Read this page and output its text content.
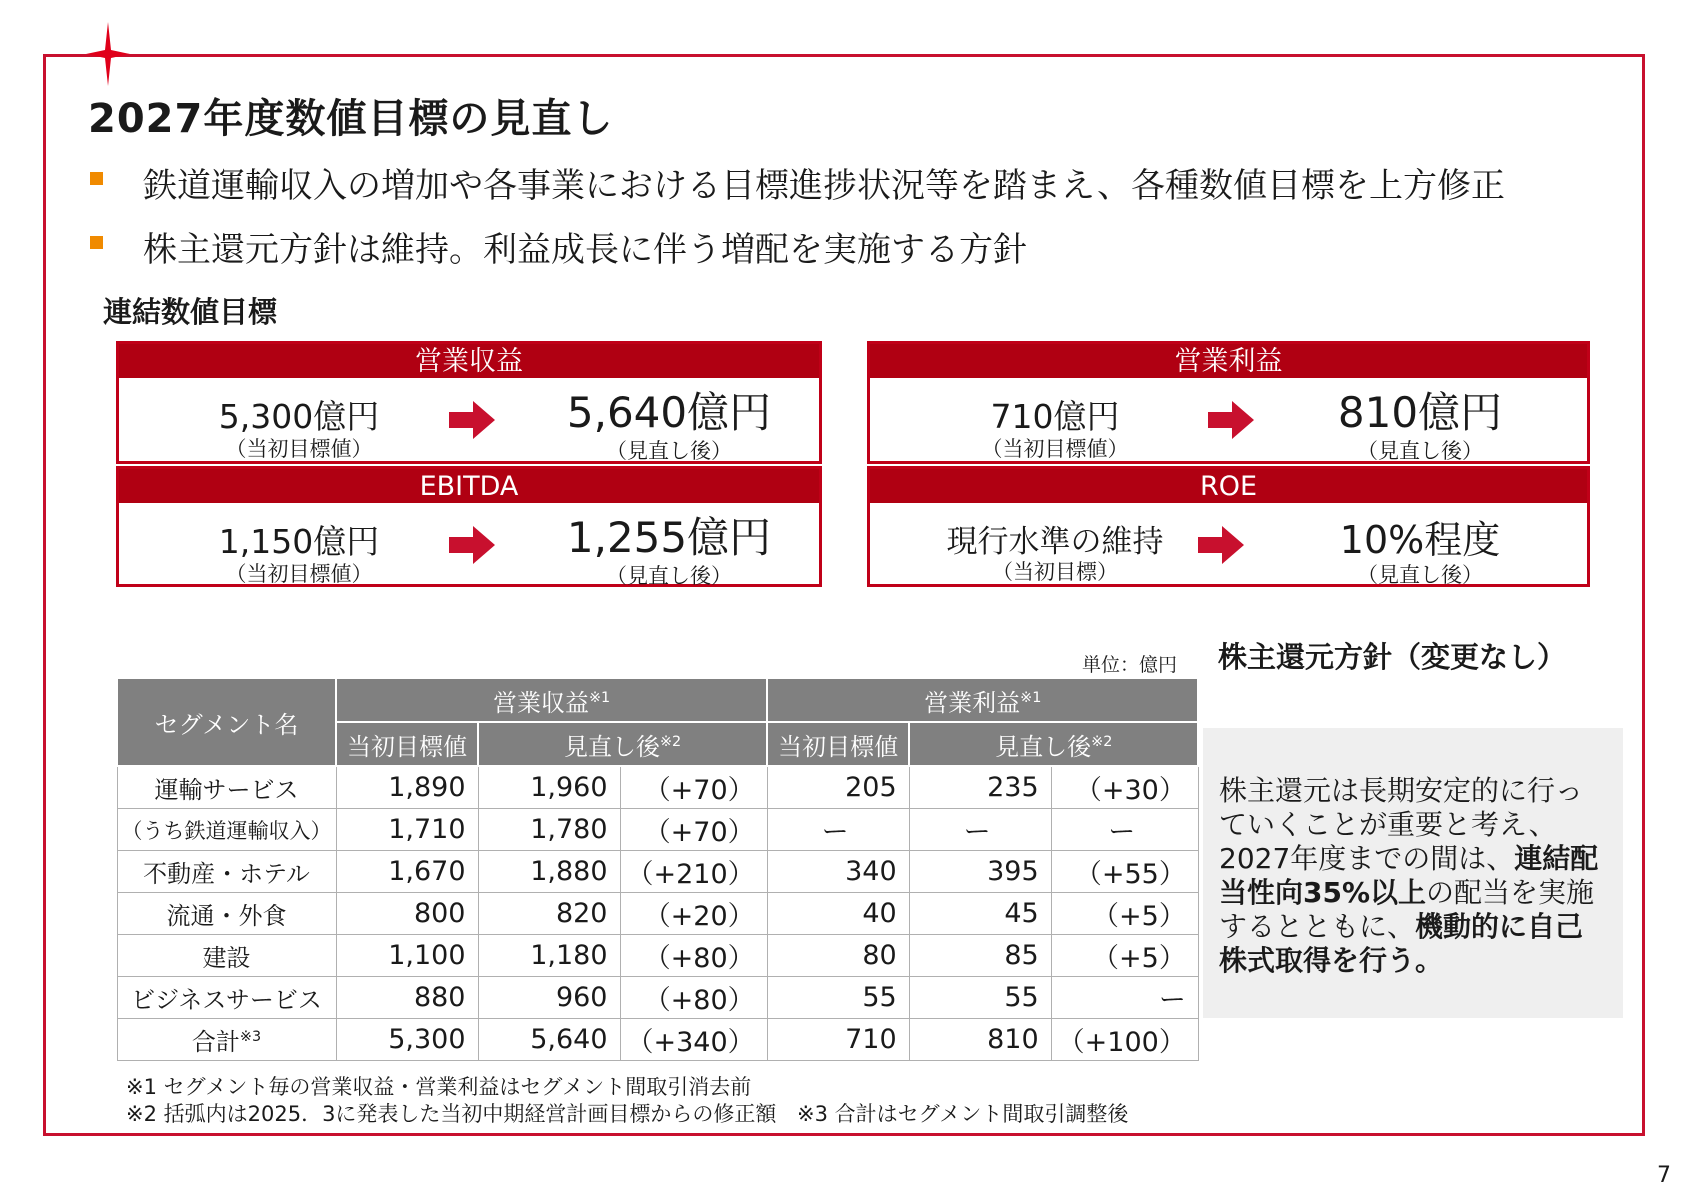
2027年度数値目標の見直し
鉄道運輸収入の増加や各事業における目標進捗状況等を踏まえ、各種数値目標を上方修正
株主還元方針は維持。利益成長に伴う増配を実施する方針
連結数値目標
営業収益
5,300億円
（当初目標値）
5,640億円
（見直し後）
営業利益
710億円
（当初目標値）
810億円
（見直し後）
EBITDA
1,150億円
（当初目標値）
1,255億円
（見直し後）
ROE
現行水準の維持
（当初目標）
10%程度
（見直し後）
単位：億円
セグメント名	営業収益$^{※1}$			営業利益$^{※1}$
	当初目標値	見直し後$^{※2}$		当初目標値	見直し後$^{※2}$
運輸サービス	1,890	1,960	（+70）	205	235	（+30）
（うち鉄道運輸収入）	1,710	1,780	（+70）	ー	ー	ー
不動産・ホテル	1,670	1,880	（+210）	340	395	（+55）
流通・外食	800	820	（+20）	40	45	（+5）
建設	1,100	1,180	（+80）	80	85	（+5）
ビジネスサービス	880	960	（+80）	55	55	ー
合計$^{※3}$	5,300	5,640	（+340）	710	810	（+100）
※1 セグメント毎の営業収益・営業利益はセグメント間取引消去前
※2 括弧内は2025．3に発表した当初中期経営計画目標からの修正額 ※3 合計はセグメント間取引調整後
株主還元方針（変更なし）
株主還元は長期安定的に行っていくことが重要と考え、2027年度までの間は、連結配当性向35%以上の配当を実施するとともに、機動的に自己株式取得を行う。
7
